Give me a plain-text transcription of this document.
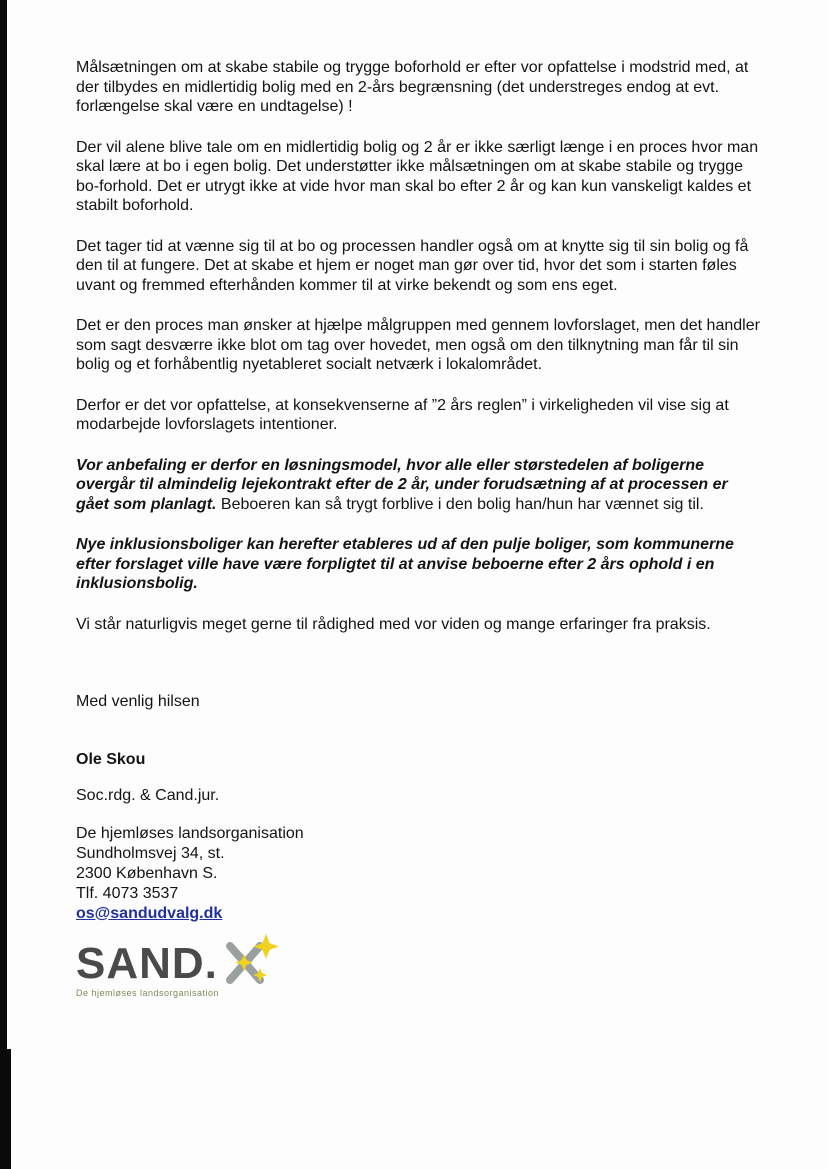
Målsætningen om at skabe stabile og trygge boforhold er efter vor opfattelse i modstrid med, at der tilbydes en midlertidig bolig med en 2-års begrænsning (det understreges endog at evt. forlængelse skal være en undtagelse) !

Der vil alene blive tale om en midlertidig bolig og 2 år er ikke særligt længe i en proces hvor man skal lære at bo i egen bolig. Det understøtter ikke målsætningen om at skabe stabile og trygge bo-forhold. Det er utrygt ikke at vide hvor man skal bo efter 2 år og kan kun vanskeligt kaldes et stabilt boforhold.

Det tager tid at vænne sig til at bo og processen handler også om at knytte sig til sin bolig og få den til at fungere. Det at skabe et hjem er noget man gør over tid, hvor det som i starten føles uvant og fremmed efterhånden kommer til at virke bekendt og som ens eget.

Det er den proces man ønsker at hjælpe målgruppen med gennem lovforslaget, men det handler som sagt desværre ikke blot om tag over hovedet, men også om den tilknytning man får til sin bolig og et forhåbentlig nyetableret socialt netværk i lokalområdet.

Derfor er det vor opfattelse, at konsekvenserne af ”2 års reglen” i virkeligheden vil vise sig at modarbejde lovforslagets intentioner.

Vor anbefaling er derfor en løsningsmodel, hvor alle eller størstedelen af boligerne overgår til almindelig lejekontrakt efter de 2 år, under forudsætning af at processen er gået som planlagt. Beboeren kan så trygt forblive i den bolig han/hun har vænnet sig til.

Nye inklusionsboliger kan herefter etableres ud af den pulje boliger, som kommunerne efter forslaget ville have være forpligtet til at anvise beboerne efter 2 års ophold i en inklusionsbolig.

Vi står naturligvis meget gerne til rådighed med vor viden og mange erfaringer fra praksis.

Med venlig hilsen

Ole Skou

Soc.rdg. & Cand.jur.

De hjemløses landsorganisation
Sundholmsvej 34, st.
2300 København S.
Tlf. 4073 3537
os@sandudvalg.dk
SAND.
De hjemløses landsorganisation
